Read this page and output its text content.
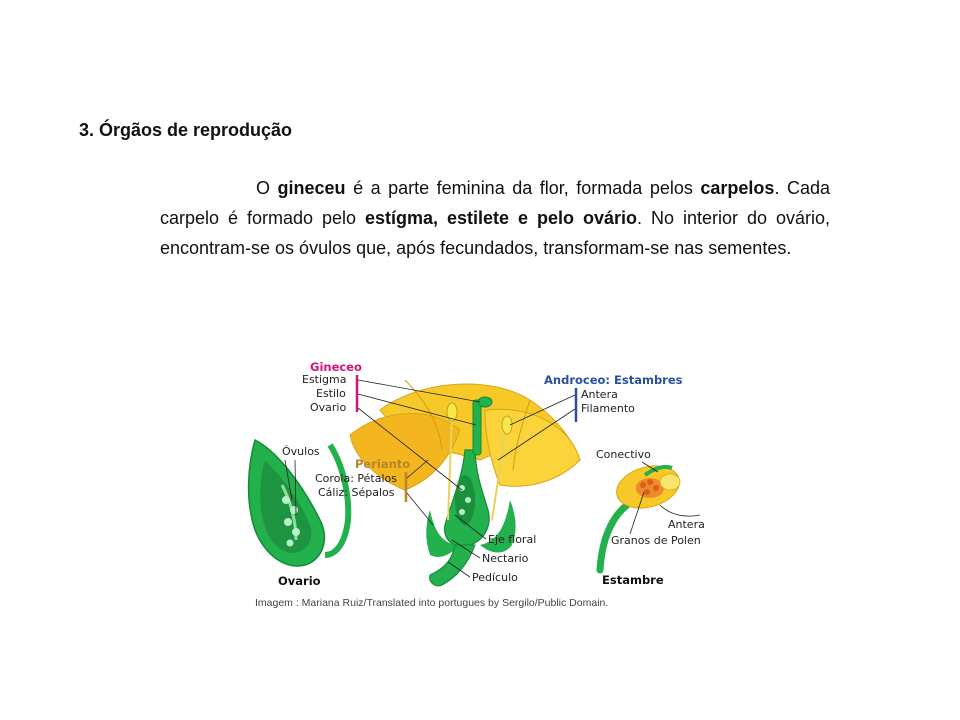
3. Órgãos de reprodução

O gineceu é a parte feminina da flor, formada pelos carpelos. Cada carpelo é formado pelo estígma, estilete e pelo ovário. No interior do ovário, encontram-se os óvulos que, após fecundados, transformam-se nas sementes.

Óvulos
Ovario
Gineceo
Estigma
Estilo
Ovario
Androceo: Estambres
Antera
Filamento
Perianto
Corola: Pétalos
Cáliz: Sépalos
Eje floral
Nectario
Pedículo
Conectivo
Antera
Granos de Polen
Estambre
Imagem : Mariana Ruiz/Translated into portugues by Sergilo/Public Domain.
